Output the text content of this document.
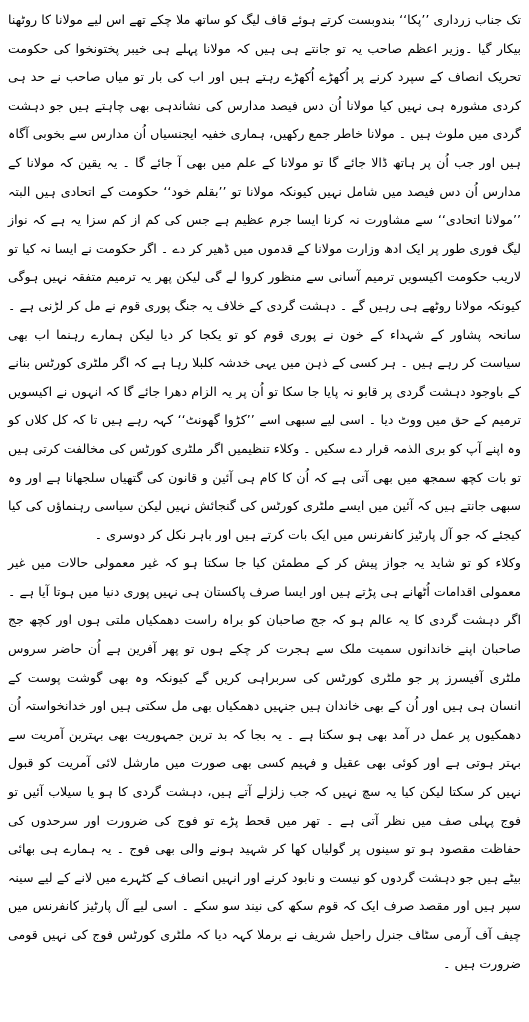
تک جناب زرداری ’’پکا‘‘ بندوبست کرتے ہوئے قاف لیگ کو ساتھ ملا چکے تھے اس لیے مولانا کا روٹھنا بیکار گیا ۔وزیر اعظم صاحب یہ تو جانتے ہی ہیں کہ مولانا پہلے ہی خیبر پختونخوا کی حکومت تحریک انصاف کے سپرد کرنے پر اُکھڑے اُکھڑے رہتے ہیں اور اب کی بار تو میاں صاحب نے حد ہی کردی مشورہ ہی نہیں کیا مولانا اُن دس فیصد مدارس کی نشاندہی بھی چاہتے ہیں جو دہشت گردی میں ملوث ہیں ۔ مولانا خاطر جمع رکھیں، ہماری خفیہ ایجنسیاں اُن مدارس سے بخوبی آگاہ ہیں اور جب اُن پر ہاتھ ڈالا جائے گا تو مولانا کے علم میں بھی آ جائے گا ۔ یہ یقین کہ مولانا کے مدارس اُن دس فیصد میں شامل نہیں کیونکہ مولانا تو ’’بقلم خود‘‘ حکومت کے اتحادی ہیں البتہ ’’مولانا اتحادی‘‘ سے مشاورت نہ کرنا ایسا جرم عظیم ہے جس کی کم از کم سزا یہ ہے کہ نواز لیگ فوری طور پر ایک ادھ وزارت مولانا کے قدموں میں ڈھیر کر دے ۔ اگر حکومت نے ایسا نہ کیا تو لاریب حکومت اکیسویں ترمیم آسانی سے منظور کروا لے گی لیکن پھر یہ ترمیم متفقہ نہیں ہوگی کیونکہ مولانا روٹھے ہی رہیں گے ۔ دہشت گردی کے خلاف یہ جنگ پوری قوم نے مل کر لڑنی ہے ۔ سانحہ پشاور کے شہداء کے خون نے پوری قوم کو تو یکجا کر دیا لیکن ہمارے رہنما اب بھی سیاست کر رہے ہیں ۔ ہر کسی کے ذہن میں یہی خدشہ کلبلا رہا ہے کہ اگر ملٹری کورٹس بنانے کے باوجود دہشت گردی پر قابو نہ پایا جا سکا تو اُن پر یہ الزام دھرا جائے گا کہ انہوں نے اکیسویں ترمیم کے حق میں ووٹ دیا ۔ اسی لیے سبھی اسے ’’کڑوا گھونٹ‘‘ کہہ رہے ہیں تا کہ کل کلاں کو وہ اپنے آپ کو بری الذمہ قرار دے سکیں ۔ وکلاء تنظیمیں اگر ملٹری کورٹس کی مخالفت کرتی ہیں تو بات کچھ سمجھ میں بھی آتی ہے کہ اُن کا کام ہی آئین و قانون کی گتھیاں سلجھانا ہے اور وہ سبھی جانتے ہیں کہ آئین میں ایسے ملٹری کورٹس کی گنجائش نہیں لیکن سیاسی رہنماؤں کی کیا کیجئے کہ جو آل پارٹیز کانفرنس میں ایک بات کرتے ہیں اور باہر نکل کر دوسری ۔

وکلاء کو تو شاید یہ جواز پیش کر کے مطمئن کیا جا سکتا ہو کہ غیر معمولی حالات میں غیر معمولی اقدامات اُٹھانے ہی پڑتے ہیں اور ایسا صرف پاکستان ہی نہیں پوری دنیا میں ہوتا آیا ہے ۔ اگر دہشت گردی کا یہ عالم ہو کہ جج صاحبان کو براہ راست دھمکیاں ملتی ہوں اور کچھ جج صاحبان اپنے خاندانوں سمیت ملک سے ہجرت کر چکے ہوں تو پھر آفرین ہے اُن حاضر سروس ملٹری آفیسرز پر جو ملٹری کورٹس کی سربراہی کریں گے کیونکہ وہ بھی گوشت پوست کے انسان ہی ہیں اور اُن کے بھی خاندان ہیں جنہیں دھمکیاں بھی مل سکتی ہیں اور خدانخواستہ اُن دھمکیوں پر عمل در آمد بھی ہو سکتا ہے ۔ یہ بجا کہ بد ترین جمہوریت بھی بہترین آمریت سے بہتر ہوتی ہے اور کوئی بھی عقیل و فہیم کسی بھی صورت میں مارشل لائی آمریت کو قبول نہیں کر سکتا لیکن کیا یہ سچ نہیں کہ جب زلزلے آتے ہیں، دہشت گردی کا ہو یا سیلاب آئیں تو فوج پہلی صف میں نظر آتی ہے ۔ تھر میں قحط پڑے تو فوج کی ضرورت اور سرحدوں کی حفاظت مقصود ہو تو سینوں پر گولیاں کھا کر شہید ہونے والی بھی فوج ۔ یہ ہمارے ہی بھائی بیٹے ہیں جو دہشت گردوں کو نیست و نابود کرنے اور انہیں انصاف کے کٹہرے میں لانے کے لیے سینہ سپر ہیں اور مقصد صرف ایک کہ قوم سکھ کی نیند سو سکے ۔ اسی لیے آل پارٹیز کانفرنس میں چیف آف آرمی سٹاف جنرل راحیل شریف نے برملا کہہ دیا کہ ملٹری کورٹس فوج کی نہیں قومی ضرورت ہیں ۔
